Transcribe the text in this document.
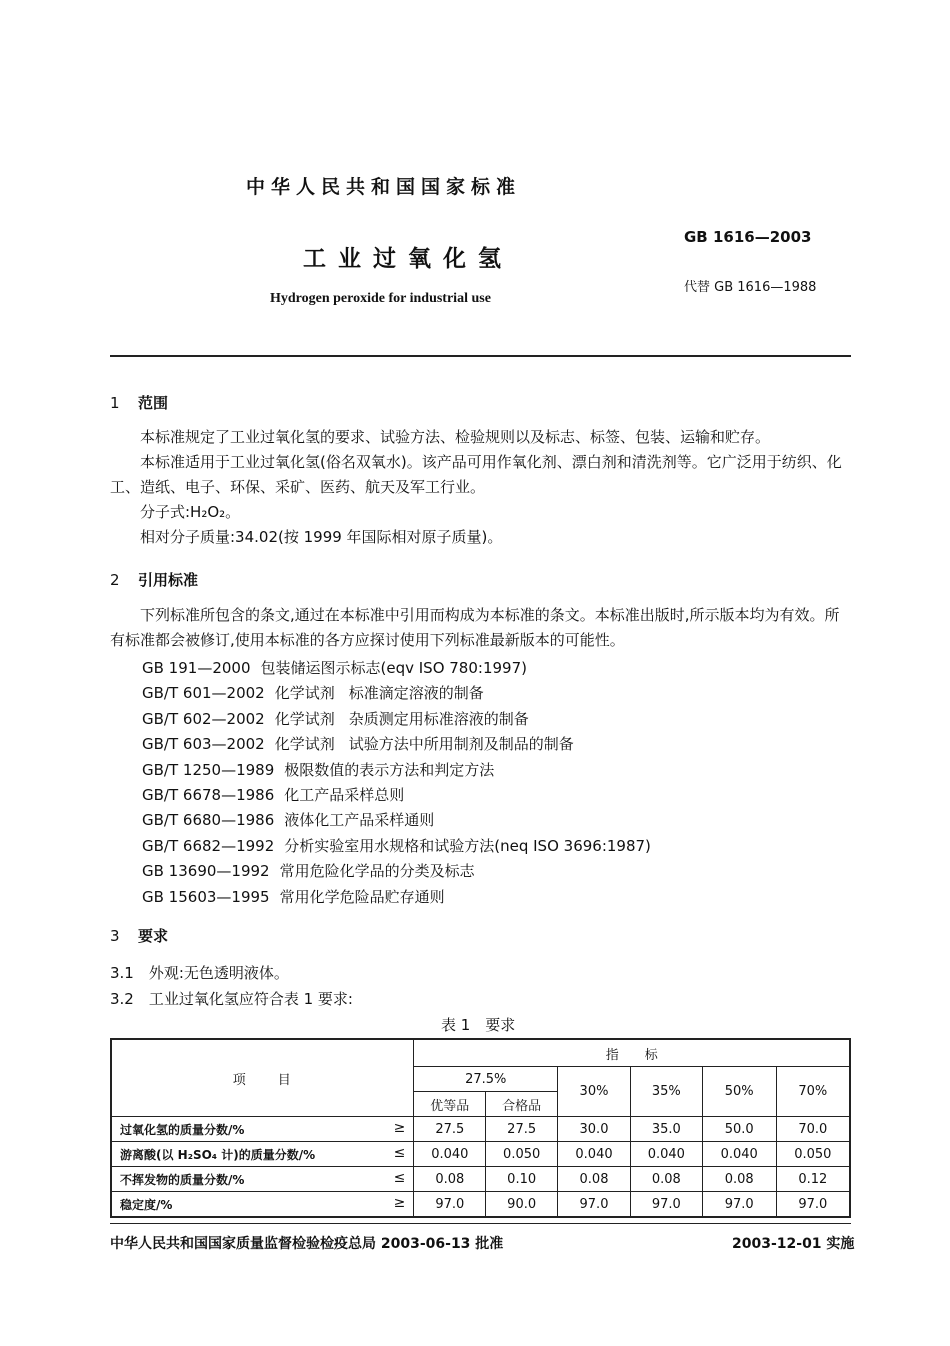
中华人民共和国国家标准
GB 1616—2003
工业过氧化氢
代替 GB 1616—1988
Hydrogen peroxide for industrial use
1 范围

本标准规定了工业过氧化氢的要求、试验方法、检验规则以及标志、标签、包装、运输和贮存。

本标准适用于工业过氧化氢(俗名双氧水)。该产品可用作氧化剂、漂白剂和清洗剂等。它广泛用于纺织、化工、造纸、电子、环保、采矿、医药、航天及军工行业。

分子式:H₂O₂。

相对分子质量:34.02(按 1999 年国际相对原子质量)。

2 引用标准

下列标准所包含的条文,通过在本标准中引用而构成为本标准的条文。本标准出版时,所示版本均为有效。所有标准都会被修订,使用本标准的各方应探讨使用下列标准最新版本的可能性。

GB 191—2000 包装储运图示标志(eqv ISO 780:1997)
GB/T 601—2002 化学试剂 标准滴定溶液的制备
GB/T 602—2002 化学试剂 杂质测定用标准溶液的制备
GB/T 603—2002 化学试剂 试验方法中所用制剂及制品的制备
GB/T 1250—1989 极限数值的表示方法和判定方法
GB/T 6678—1986 化工产品采样总则
GB/T 6680—1986 液体化工产品采样通则
GB/T 6682—1992 分析实验室用水规格和试验方法(neq ISO 3696:1987)
GB 13690—1992 常用危险化学品的分类及标志
GB 15603—1995 常用化学危险品贮存通则
3 要求
3.1　外观:无色透明液体。
3.2　工业过氧化氢应符合表 1 要求:
表 1　要求
项　　目	指　　标					
	27.5%		30%	35%	50%	70%
	优等品	合格品				
过氧化氢的质量分数/% ≥	27.5	27.5	30.0	35.0	50.0	70.0
游离酸(以 H₂SO₄ 计)的质量分数/% ≤	0.040	0.050	0.040	0.040	0.040	0.050
不挥发物的质量分数/% ≤	0.08	0.10	0.08	0.08	0.08	0.12
稳定度/% ≥	97.0	90.0	97.0	97.0	97.0	97.0
中华人民共和国国家质量监督检验检疫总局 2003-06-13 批准	2003-12-01 实施
